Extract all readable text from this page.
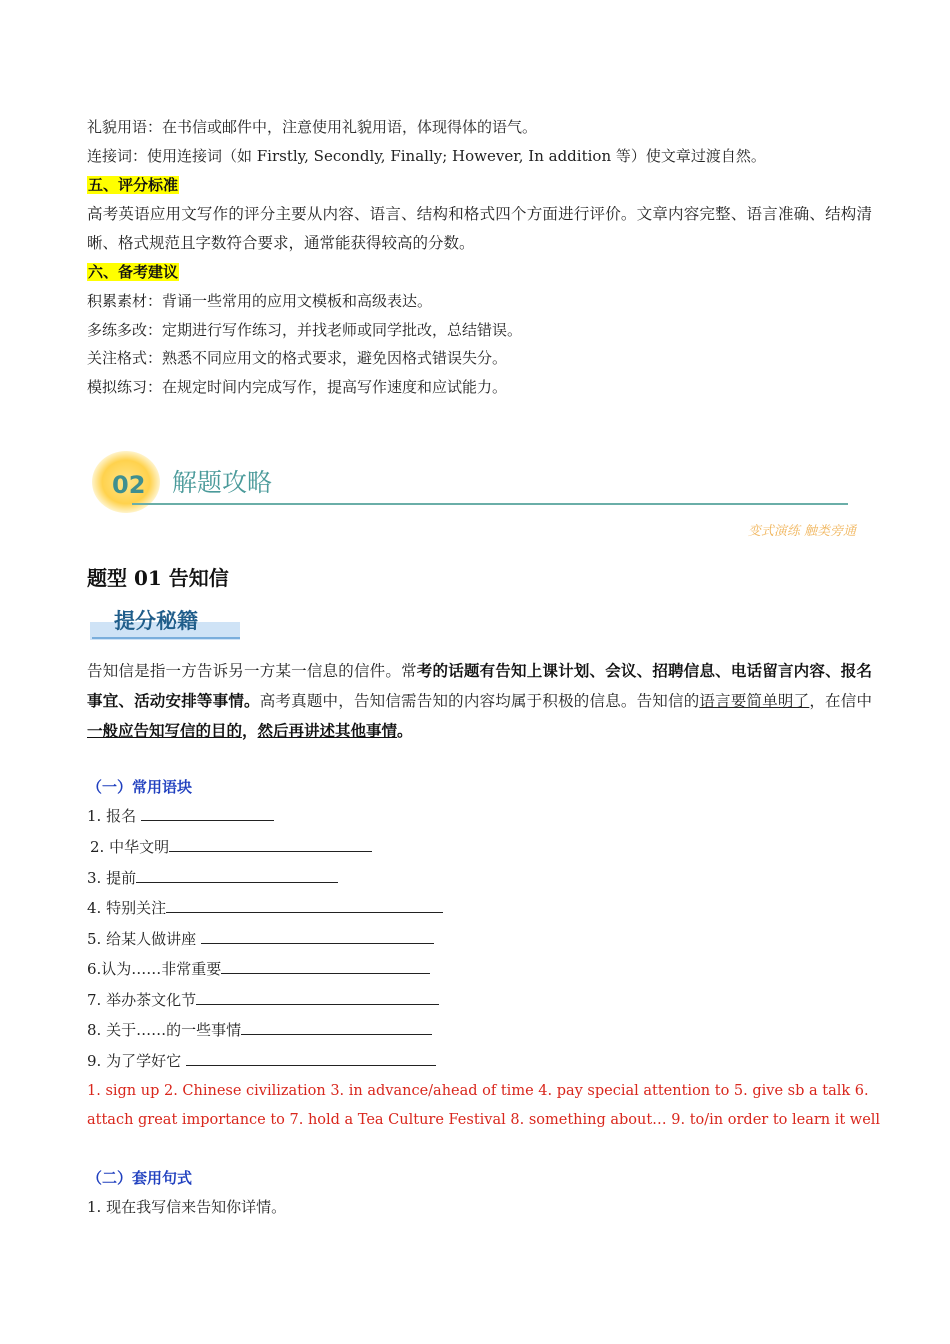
礼貌用语：在书信或邮件中，注意使用礼貌用语，体现得体的语气。
连接词：使用连接词（如 Firstly, Secondly, Finally; However, In addition 等）使文章过渡自然。
五、评分标准
高考英语应用文写作的评分主要从内容、语言、结构和格式四个方面进行评价。文章内容完整、语言准确、结构清晰、格式规范且字数符合要求，通常能获得较高的分数。
六、备考建议
积累素材：背诵一些常用的应用文模板和高级表达。
多练多改：定期进行写作练习，并找老师或同学批改，总结错误。
关注格式：熟悉不同应用文的格式要求，避免因格式错误失分。
模拟练习：在规定时间内完成写作，提高写作速度和应试能力。
02 解题攻略
变式演练 触类旁通
题型 01 告知信
提分秘籍
告知信是指一方告诉另一方某一信息的信件。常考的话题有告知上课计划、会议、招聘信息、电话留言内容、报名事宜、活动安排等事情。高考真题中，告知信需告知的内容均属于积极的信息。告知信的语言要简单明了，在信中一般应告知写信的目的，然后再讲述其他事情。
（一）常用语块
1. 报名
2. 中华文明
3. 提前
4. 特别关注
5. 给某人做讲座
6.认为……非常重要
7. 举办茶文化节
8. 关于……的一些事情
9. 为了学好它
1. sign up 2. Chinese civilization 3. in advance/ahead of time 4. pay special attention to 5. give sb a talk 6.
attach great importance to 7. hold a Tea Culture Festival 8. something about… 9. to/in order to learn it well
（二）套用句式
1. 现在我写信来告知你详情。
